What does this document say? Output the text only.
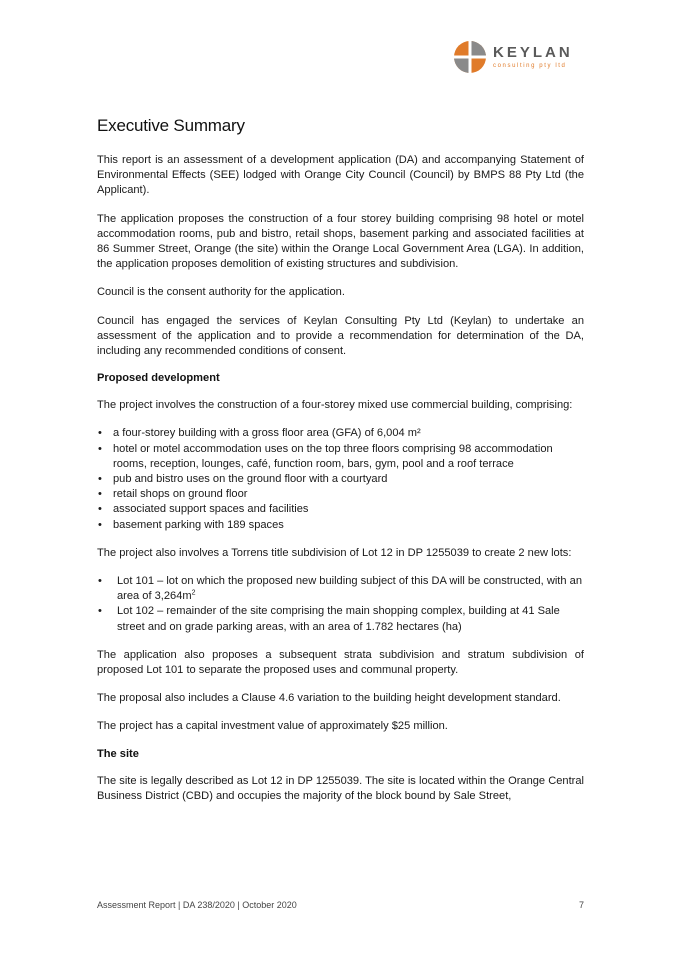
KEYLAN
consulting pty ltd
Executive Summary

This report is an assessment of a development application (DA) and accompanying Statement of Environmental Effects (SEE) lodged with Orange City Council (Council) by BMPS 88 Pty Ltd (the Applicant).

The application proposes the construction of a four storey building comprising 98 hotel or motel accommodation rooms, pub and bistro, retail shops, basement parking and associated facilities at 86 Summer Street, Orange (the site) within the Orange Local Government Area (LGA). In addition, the application proposes demolition of existing structures and subdivision.

Council is the consent authority for the application.

Council has engaged the services of Keylan Consulting Pty Ltd (Keylan) to undertake an assessment of the application and to provide a recommendation for determination of the DA, including any recommended conditions of consent.

Proposed development

The project involves the construction of a four-storey mixed use commercial building, comprising:

• a four-storey building with a gross floor area (GFA) of 6,004 m²
• hotel or motel accommodation uses on the top three floors comprising 98 accommodation rooms, reception, lounges, café, function room, bars, gym, pool and a roof terrace
• pub and bistro uses on the ground floor with a courtyard
• retail shops on ground floor
• associated support spaces and facilities
• basement parking with 189 spaces

The project also involves a Torrens title subdivision of Lot 12 in DP 1255039 to create 2 new lots:

• Lot 101 – lot on which the proposed new building subject of this DA will be constructed, with an area of $3,264m^2$
• Lot 102 – remainder of the site comprising the main shopping complex, building at 41 Sale street and on grade parking areas, with an area of 1.782 hectares (ha)

The application also proposes a subsequent strata subdivision and stratum subdivision of proposed Lot 101 to separate the proposed uses and communal property.

The proposal also includes a Clause 4.6 variation to the building height development standard.

The project has a capital investment value of approximately $25 million.

The site

The site is legally described as Lot 12 in DP 1255039. The site is located within the Orange Central Business District (CBD) and occupies the majority of the block bound by Sale Street,

Assessment Report | DA 238/2020 | October 2020	7
